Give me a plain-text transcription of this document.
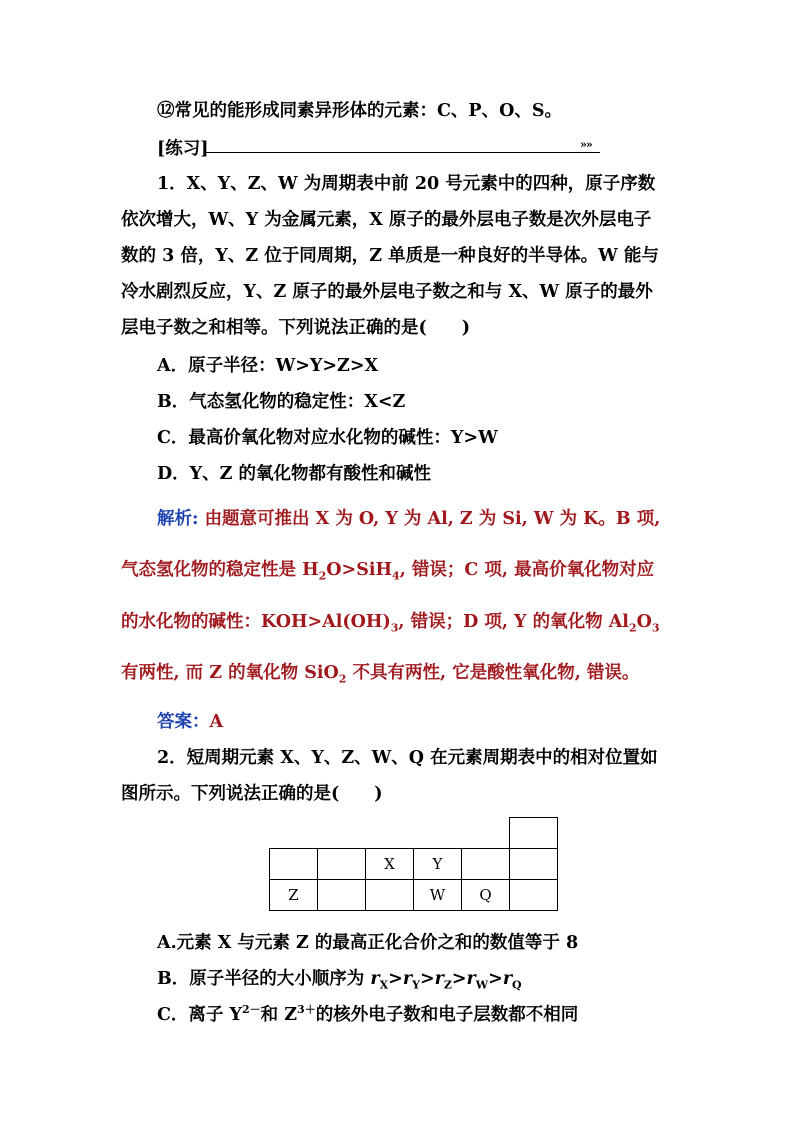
⑫常见的能形成同素异形体的元素：C、P、O、S。
[练习]	»»
1．X、Y、Z、W 为周期表中前 20 号元素中的四种，原子序数
依次增大，W、Y 为金属元素，X 原子的最外层电子数是次外层电子
数的 3 倍，Y、Z 位于同周期，Z 单质是一种良好的半导体。W 能与
冷水剧烈反应，Y、Z 原子的最外层电子数之和与 X、W 原子的最外
层电子数之和相等。下列说法正确的是(　　)
A．原子半径：W>Y>Z>X
B．气态氢化物的稳定性：X<Z
C．最高价氧化物对应水化物的碱性：Y>W
D．Y、Z 的氧化物都有酸性和碱性
解析: 由题意可推出 X 为 O, Y 为 Al, Z 为 Si, W 为 K。B 项,
气态氢化物的稳定性是 $H_2O>SiH_4$, 错误；C 项, 最高价氧化物对应
的水化物的碱性：$KOH>Al(OH)_3$, 错误；D 项, Y 的氧化物 $Al_2O_3$
有两性, 而 Z 的氧化物 SiO$_2$ 不具有两性, 它是酸性氧化物, 错误。
答案：A
2．短周期元素 X、Y、Z、W、Q 在元素周期表中的相对位置如
图所示。下列说法正确的是(　　)

		X	Y		
Z			W	Q	
A.元素 X 与元素 Z 的最高正化合价之和的数值等于 8
B．原子半径的大小顺序为 $r_X>r_Y>r_Z>r_W>r_Q$
C．离子 $Y^{2-}$和 $Z^{3+}$的核外电子数和电子层数都不相同
